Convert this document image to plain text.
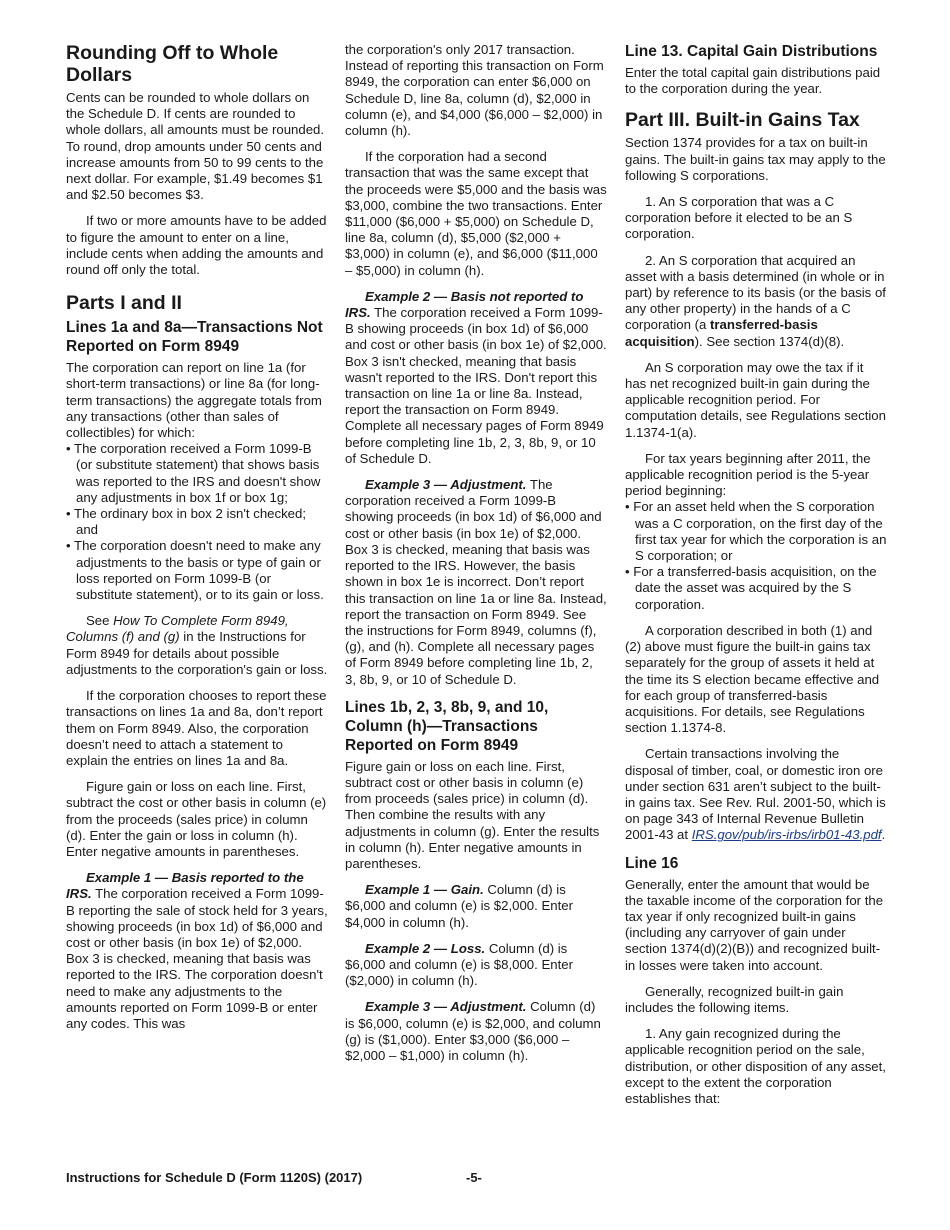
Rounding Off to Whole Dollars

Cents can be rounded to whole dollars on the Schedule D. If cents are rounded to whole dollars, all amounts must be rounded. To round, drop amounts under 50 cents and increase amounts from 50 to 99 cents to the next dollar. For example, $1.49 becomes $1 and $2.50 becomes $3.

If two or more amounts have to be added to figure the amount to enter on a line, include cents when adding the amounts and round off only the total.

Parts I and II
Lines 1a and 8a—Transactions Not Reported on Form 8949

The corporation can report on line 1a (for short-term transactions) or line 8a (for long-term transactions) the aggregate totals from any transactions (other than sales of collectibles) for which:

• The corporation received a Form 1099-B (or substitute statement) that shows basis was reported to the IRS and doesn't show any adjustments in box 1f or box 1g;
• The ordinary box in box 2 isn't checked; and
• The corporation doesn't need to make any adjustments to the basis or type of gain or loss reported on Form 1099-B (or substitute statement), or to its gain or loss.

See How To Complete Form 8949, Columns (f) and (g) in the Instructions for Form 8949 for details about possible adjustments to the corporation's gain or loss.

If the corporation chooses to report these transactions on lines 1a and 8a, don’t report them on Form 8949. Also, the corporation doesn’t need to attach a statement to explain the entries on lines 1a and 8a.

Figure gain or loss on each line. First, subtract the cost or other basis in column (e) from the proceeds (sales price) in column (d). Enter the gain or loss in column (h). Enter negative amounts in parentheses.

Example 1 — Basis reported to the IRS. The corporation received a Form 1099-B reporting the sale of stock held for 3 years, showing proceeds (in box 1d) of $6,000 and cost or other basis (in box 1e) of $2,000. Box 3 is checked, meaning that basis was reported to the IRS. The corporation doesn't need to make any adjustments to the amounts reported on Form 1099-B or enter any codes. This was

the corporation's only 2017 transaction. Instead of reporting this transaction on Form 8949, the corporation can enter $6,000 on Schedule D, line 8a, column (d), $2,000 in column (e), and $4,000 ($6,000 – $2,000) in column (h).

If the corporation had a second transaction that was the same except that the proceeds were $5,000 and the basis was $3,000, combine the two transactions. Enter $11,000 ($6,000 + $5,000) on Schedule D, line 8a, column (d), $5,000 ($2,000 + $3,000) in column (e), and $6,000 ($11,000 – $5,000) in column (h).

Example 2 — Basis not reported to IRS. The corporation received a Form 1099-B showing proceeds (in box 1d) of $6,000 and cost or other basis (in box 1e) of $2,000. Box 3 isn't checked, meaning that basis wasn't reported to the IRS. Don't report this transaction on line 1a or line 8a. Instead, report the transaction on Form 8949. Complete all necessary pages of Form 8949 before completing line 1b, 2, 3, 8b, 9, or 10 of Schedule D.

Example 3 — Adjustment. The corporation received a Form 1099-B showing proceeds (in box 1d) of $6,000 and cost or other basis (in box 1e) of $2,000. Box 3 is checked, meaning that basis was reported to the IRS. However, the basis shown in box 1e is incorrect. Don’t report this transaction on line 1a or line 8a. Instead, report the transaction on Form 8949. See the instructions for Form 8949, columns (f), (g), and (h). Complete all necessary pages of Form 8949 before completing line 1b, 2, 3, 8b, 9, or 10 of Schedule D.

Lines 1b, 2, 3, 8b, 9, and 10, Column (h)—Transactions Reported on Form 8949

Figure gain or loss on each line. First, subtract cost or other basis in column (e) from proceeds (sales price) in column (d). Then combine the results with any adjustments in column (g). Enter the results in column (h). Enter negative amounts in parentheses.

Example 1 — Gain. Column (d) is $6,000 and column (e) is $2,000. Enter $4,000 in column (h).

Example 2 — Loss. Column (d) is $6,000 and column (e) is $8,000. Enter ($2,000) in column (h).

Example 3 — Adjustment. Column (d) is $6,000, column (e) is $2,000, and column (g) is ($1,000). Enter $3,000 ($6,000 – $2,000 – $1,000) in column (h).

Line 13. Capital Gain Distributions

Enter the total capital gain distributions paid to the corporation during the year.

Part III. Built-in Gains Tax

Section 1374 provides for a tax on built-in gains. The built-in gains tax may apply to the following S corporations.

1. An S corporation that was a C corporation before it elected to be an S corporation.

2. An S corporation that acquired an asset with a basis determined (in whole or in part) by reference to its basis (or the basis of any other property) in the hands of a C corporation (a transferred-basis acquisition). See section 1374(d)(8).

An S corporation may owe the tax if it has net recognized built-in gain during the applicable recognition period. For computation details, see Regulations section 1.1374-1(a).

For tax years beginning after 2011, the applicable recognition period is the 5-year period beginning:

• For an asset held when the S corporation was a C corporation, on the first day of the first tax year for which the corporation is an S corporation; or
• For a transferred-basis acquisition, on the date the asset was acquired by the S corporation.

A corporation described in both (1) and (2) above must figure the built-in gains tax separately for the group of assets it held at the time its S election became effective and for each group of transferred-basis acquisitions. For details, see Regulations section 1.1374-8.

Certain transactions involving the disposal of timber, coal, or domestic iron ore under section 631 aren’t subject to the built-in gains tax. See Rev. Rul. 2001-50, which is on page 343 of Internal Revenue Bulletin 2001-43 at IRS.gov/pub/irs-irbs/irb01-43.pdf.

Line 16

Generally, enter the amount that would be the taxable income of the corporation for the tax year if only recognized built-in gains (including any carryover of gain under section 1374(d)(2)(B)) and recognized built-in losses were taken into account.

Generally, recognized built-in gain includes the following items.

1. Any gain recognized during the applicable recognition period on the sale, distribution, or other disposition of any asset, except to the extent the corporation establishes that:

Instructions for Schedule D (Form 1120S) (2017)	-5-
